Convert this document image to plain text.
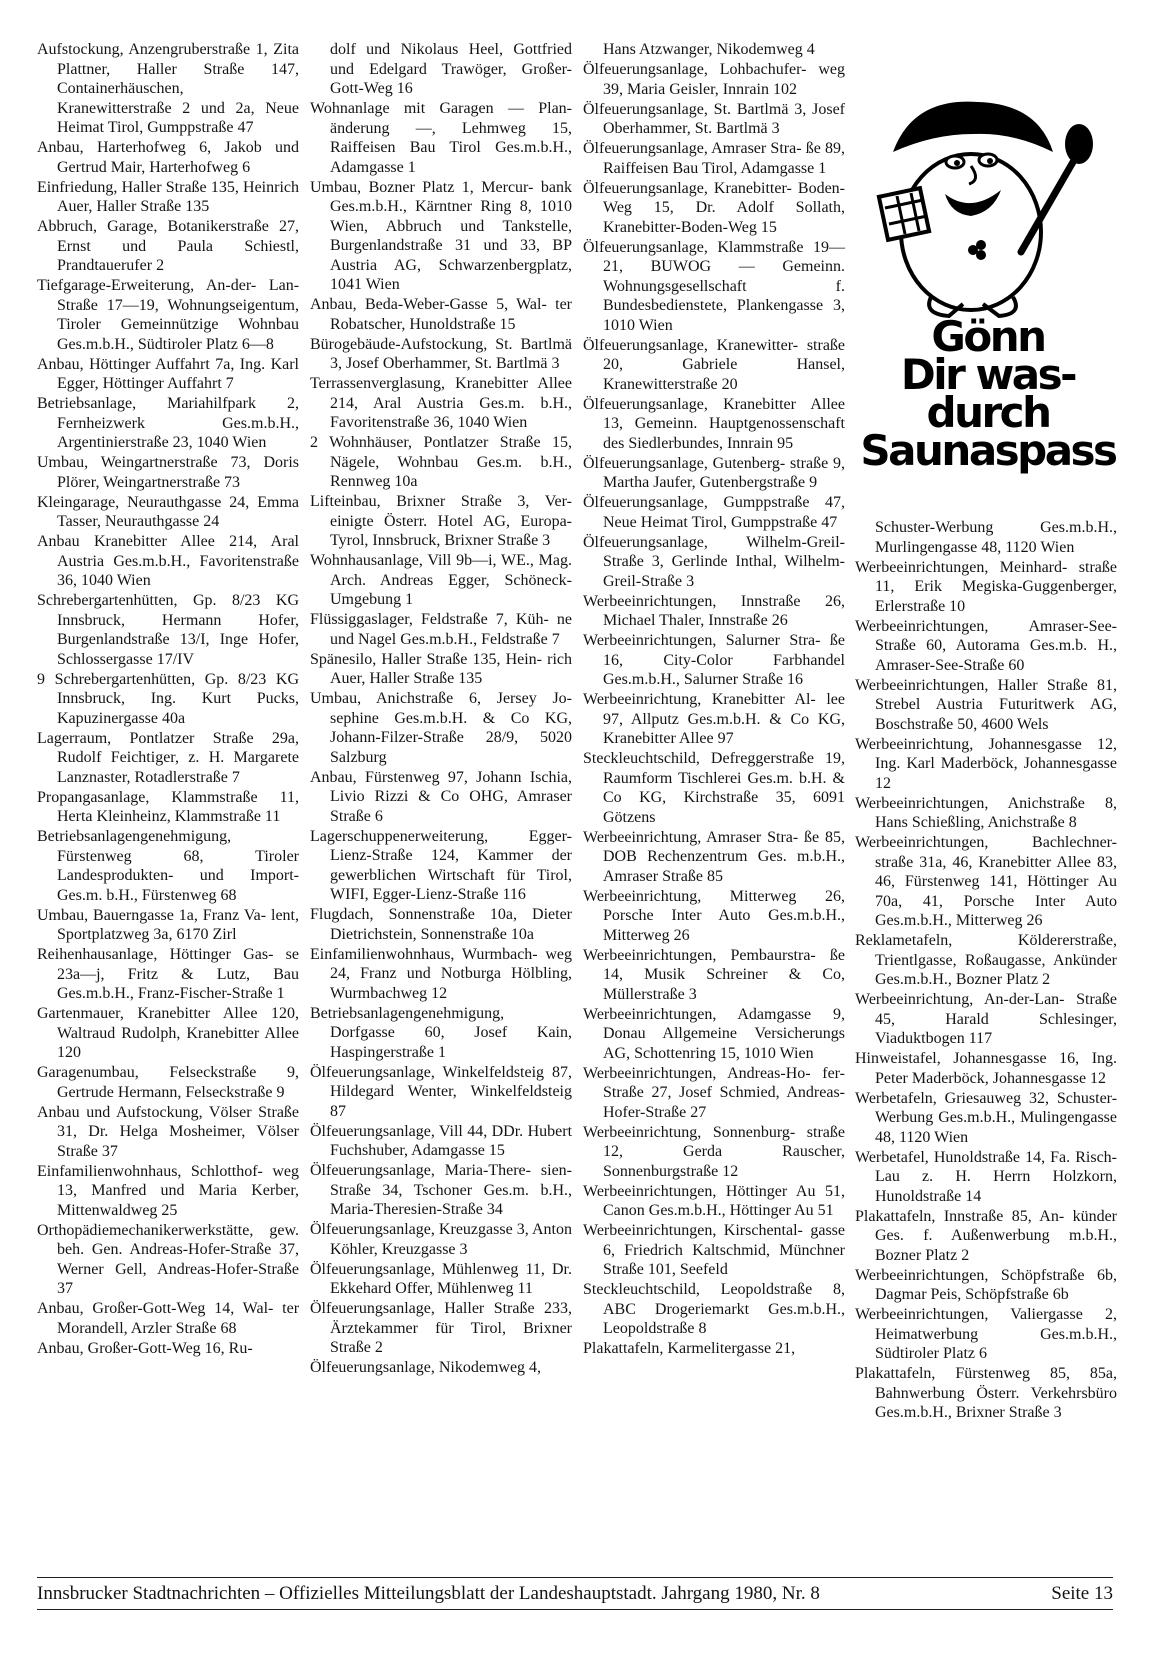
Aufstockung, Anzengruberstraße 1, Zita Plattner, Haller Straße 147, Containerhäuschen, Kranewitterstraße 2 und 2a, Neue Heimat Tirol, Gumppstraße 47
Anbau, Harterhofweg 6, Jakob und Gertrud Mair, Harterhofweg 6
Einfriedung, Haller Straße 135, Heinrich Auer, Haller Straße 135
Abbruch, Garage, Botanikerstraße 27, Ernst und Paula Schiestl, Prandtauerufer 2
Tiefgarage-Erweiterung, An-der- Lan-Straße 17—19, Wohnungseigentum, Tiroler Gemeinnützige Wohnbau Ges.m.b.H., Südtiroler Platz 6—8
Anbau, Höttinger Auffahrt 7a, Ing. Karl Egger, Höttinger Auffahrt 7
Betriebsanlage, Mariahilfpark 2, Fernheizwerk Ges.m.b.H., Argentinierstraße 23, 1040 Wien
Umbau, Weingartnerstraße 73, Doris Plörer, Weingartnerstraße 73
Kleingarage, Neurauthgasse 24, Emma Tasser, Neurauthgasse 24
Anbau Kranebitter Allee 214, Aral Austria Ges.m.b.H., Favoritenstraße 36, 1040 Wien
Schrebergartenhütten, Gp. 8/23 KG Innsbruck, Hermann Hofer, Burgenlandstraße 13/I, Inge Hofer, Schlossergasse 17/IV
9 Schrebergartenhütten, Gp. 8/23 KG Innsbruck, Ing. Kurt Pucks, Kapuzinergasse 40a
Lagerraum, Pontlatzer Straße 29a, Rudolf Feichtiger, z. H. Margarete Lanznaster, Rotadlerstraße 7
Propangasanlage, Klammstraße 11, Herta Kleinheinz, Klammstraße 11
Betriebsanlagengenehmigung, Fürstenweg 68, Tiroler Landesprodukten- und Import-Ges.m. b.H., Fürstenweg 68
Umbau, Bauerngasse 1a, Franz Va- lent, Sportplatzweg 3a, 6170 Zirl
Reihenhausanlage, Höttinger Gas- se 23a—j, Fritz & Lutz, Bau Ges.m.b.H., Franz-Fischer-Straße 1
Gartenmauer, Kranebitter Allee 120, Waltraud Rudolph, Kranebitter Allee 120
Garagenumbau, Felseckstraße 9, Gertrude Hermann, Felseckstraße 9
Anbau und Aufstockung, Völser Straße 31, Dr. Helga Mosheimer, Völser Straße 37
Einfamilienwohnhaus, Schlotthof- weg 13, Manfred und Maria Kerber, Mittenwaldweg 25
Orthopädiemechanikerwerkstätte, gew. beh. Gen. Andreas-Hofer-Straße 37, Werner Gell, Andreas-Hofer-Straße 37
Anbau, Großer-Gott-Weg 14, Wal- ter Morandell, Arzler Straße 68
Anbau, Großer-Gott-Weg 16, Ru-
dolf und Nikolaus Heel, Gottfried und Edelgard Trawöger, Großer-Gott-Weg 16
Wohnanlage mit Garagen — Plan- änderung —, Lehmweg 15, Raiffeisen Bau Tirol Ges.m.b.H., Adamgasse 1
Umbau, Bozner Platz 1, Mercur- bank Ges.m.b.H., Kärntner Ring 8, 1010 Wien, Abbruch und Tankstelle, Burgenlandstraße 31 und 33, BP Austria AG, Schwarzenbergplatz, 1041 Wien
Anbau, Beda-Weber-Gasse 5, Wal- ter Robatscher, Hunoldstraße 15
Bürogebäude-Aufstockung, St. Bartlmä 3, Josef Oberhammer, St. Bartlmä 3
Terrassenverglasung, Kranebitter Allee 214, Aral Austria Ges.m. b.H., Favoritenstraße 36, 1040 Wien
2 Wohnhäuser, Pontlatzer Straße 15, Nägele, Wohnbau Ges.m. b.H., Rennweg 10a
Lifteinbau, Brixner Straße 3, Ver- einigte Österr. Hotel AG, Europa-Tyrol, Innsbruck, Brixner Straße 3
Wohnhausanlage, Vill 9b—i, WE., Mag. Arch. Andreas Egger, Schöneck-Umgebung 1
Flüssiggaslager, Feldstraße 7, Küh- ne und Nagel Ges.m.b.H., Feldstraße 7
Spänesilo, Haller Straße 135, Hein- rich Auer, Haller Straße 135
Umbau, Anichstraße 6, Jersey Jo- sephine Ges.m.b.H. & Co KG, Johann-Filzer-Straße 28/9, 5020 Salzburg
Anbau, Fürstenweg 97, Johann Ischia, Livio Rizzi & Co OHG, Amraser Straße 6
Lagerschuppenerweiterung, Egger- Lienz-Straße 124, Kammer der gewerblichen Wirtschaft für Tirol, WIFI, Egger-Lienz-Straße 116
Flugdach, Sonnenstraße 10a, Dieter Dietrichstein, Sonnenstraße 10a
Einfamilienwohnhaus, Wurmbach- weg 24, Franz und Notburga Hölbling, Wurmbachweg 12
Betriebsanlagengenehmigung, Dorfgasse 60, Josef Kain, Haspingerstraße 1
Ölfeuerungsanlage, Winkelfeldsteig 87, Hildegard Wenter, Winkelfeldsteig 87
Ölfeuerungsanlage, Vill 44, DDr. Hubert Fuchshuber, Adamgasse 15
Ölfeuerungsanlage, Maria-There- sien-Straße 34, Tschoner Ges.m. b.H., Maria-Theresien-Straße 34
Ölfeuerungsanlage, Kreuzgasse 3, Anton Köhler, Kreuzgasse 3
Ölfeuerungsanlage, Mühlenweg 11, Dr. Ekkehard Offer, Mühlenweg 11
Ölfeuerungsanlage, Haller Straße 233, Ärztekammer für Tirol, Brixner Straße 2
Ölfeuerungsanlage, Nikodemweg 4,
Hans Atzwanger, Nikodemweg 4
Ölfeuerungsanlage, Lohbachufer- weg 39, Maria Geisler, Innrain 102
Ölfeuerungsanlage, St. Bartlmä 3, Josef Oberhammer, St. Bartlmä 3
Ölfeuerungsanlage, Amraser Stra- ße 89, Raiffeisen Bau Tirol, Adamgasse 1
Ölfeuerungsanlage, Kranebitter- Boden-Weg 15, Dr. Adolf Sollath, Kranebitter-Boden-Weg 15
Ölfeuerungsanlage, Klammstraße 19—21, BUWOG — Gemeinn. Wohnungsgesellschaft f. Bundesbedienstete, Plankengasse 3, 1010 Wien
Ölfeuerungsanlage, Kranewitter- straße 20, Gabriele Hansel, Kranewitterstraße 20
Ölfeuerungsanlage, Kranebitter Allee 13, Gemeinn. Hauptgenossenschaft des Siedlerbundes, Innrain 95
Ölfeuerungsanlage, Gutenberg- straße 9, Martha Jaufer, Gutenbergstraße 9
Ölfeuerungsanlage, Gumppstraße 47, Neue Heimat Tirol, Gumppstraße 47
Ölfeuerungsanlage, Wilhelm-Greil- Straße 3, Gerlinde Inthal, Wilhelm-Greil-Straße 3
Werbeeinrichtungen, Innstraße 26, Michael Thaler, Innstraße 26
Werbeeinrichtungen, Salurner Stra- ße 16, City-Color Farbhandel Ges.m.b.H., Salurner Straße 16
Werbeeinrichtung, Kranebitter Al- lee 97, Allputz Ges.m.b.H. & Co KG, Kranebitter Allee 97
Steckleuchtschild, Defreggerstraße 19, Raumform Tischlerei Ges.m. b.H. & Co KG, Kirchstraße 35, 6091 Götzens
Werbeeinrichtung, Amraser Stra- ße 85, DOB Rechenzentrum Ges. m.b.H., Amraser Straße 85
Werbeeinrichtung, Mitterweg 26, Porsche Inter Auto Ges.m.b.H., Mitterweg 26
Werbeeinrichtungen, Pembaurstra- ße 14, Musik Schreiner & Co, Müllerstraße 3
Werbeeinrichtungen, Adamgasse 9, Donau Allgemeine Versicherungs AG, Schottenring 15, 1010 Wien
Werbeeinrichtungen, Andreas-Ho- fer-Straße 27, Josef Schmied, Andreas-Hofer-Straße 27
Werbeeinrichtung, Sonnenburg- straße 12, Gerda Rauscher, Sonnenburgstraße 12
Werbeeinrichtungen, Höttinger Au 51, Canon Ges.m.b.H., Höttinger Au 51
Werbeeinrichtungen, Kirschental- gasse 6, Friedrich Kaltschmid, Münchner Straße 101, Seefeld
Steckleuchtschild, Leopoldstraße 8, ABC Drogeriemarkt Ges.m.b.H., Leopoldstraße 8
Plakattafeln, Karmelitergasse 21,
Gönn
Dir was-
durch
Saunaspass
Schuster-Werbung Ges.m.b.H., Murlingengasse 48, 1120 Wien
Werbeeinrichtungen, Meinhard- straße 11, Erik Megiska-Guggenberger, Erlerstraße 10
Werbeeinrichtungen, Amraser-See- Straße 60, Autorama Ges.m.b. H., Amraser-See-Straße 60
Werbeeinrichtungen, Haller Straße 81, Strebel Austria Futuritwerk AG, Boschstraße 50, 4600 Wels
Werbeeinrichtung, Johannesgasse 12, Ing. Karl Maderböck, Johannesgasse 12
Werbeeinrichtungen, Anichstraße 8, Hans Schießling, Anichstraße 8
Werbeeinrichtungen, Bachlechner- straße 31a, 46, Kranebitter Allee 83, 46, Fürstenweg 141, Höttinger Au 70a, 41, Porsche Inter Auto Ges.m.b.H., Mitterweg 26
Reklametafeln, Köldererstraße, Trientlgasse, Roßaugasse, Ankünder Ges.m.b.H., Bozner Platz 2
Werbeeinrichtung, An-der-Lan- Straße 45, Harald Schlesinger, Viaduktbogen 117
Hinweistafel, Johannesgasse 16, Ing. Peter Maderböck, Johannesgasse 12
Werbetafeln, Griesauweg 32, Schuster-Werbung Ges.m.b.H., Mulingengasse 48, 1120 Wien
Werbetafel, Hunoldstraße 14, Fa. Risch-Lau z. H. Herrn Holzkorn, Hunoldstraße 14
Plakattafeln, Innstraße 85, An- künder Ges. f. Außenwerbung m.b.H., Bozner Platz 2
Werbeeinrichtungen, Schöpfstraße 6b, Dagmar Peis, Schöpfstraße 6b
Werbeeinrichtungen, Valiergasse 2, Heimatwerbung Ges.m.b.H., Südtiroler Platz 6
Plakattafeln, Fürstenweg 85, 85a, Bahnwerbung Österr. Verkehrsbüro Ges.m.b.H., Brixner Straße 3
Innsbrucker Stadtnachrichten – Offizielles Mitteilungsblatt der Landeshauptstadt. Jahrgang 1980, Nr. 8	Seite 13
